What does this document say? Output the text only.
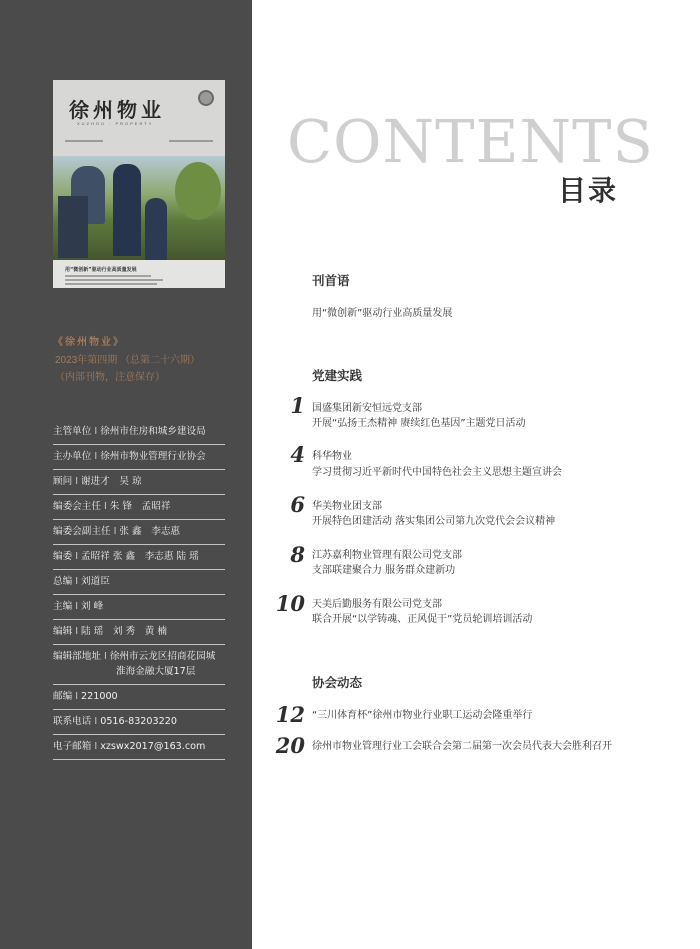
徐州物业
XUZHOU · PROPERTY
用“微创新”驱动行业高质量发展
《徐州物业》
2023年第四期 （总第二十六期）
（内部刊物，注意保存）
主管单位 I 徐州市住房和城乡建设局
主办单位 I 徐州市物业管理行业协会
顾问 I 谢进才　吴 琼
编委会主任 I 朱 锋　孟昭祥
编委会副主任 I 张 鑫　李志惠
编委 I 孟昭祥 张 鑫　李志惠 陆 瑶
总编 I 刘道臣
主编 I 刘 峰
编辑 I 陆 瑶　刘 秀　黄 楠
编辑部地址 I 徐州市云龙区招商花园城
淮海金融大厦17层
邮编 I 221000
联系电话 I 0516-83203220
电子邮箱 I xzswx2017@163.com
CONTENTS
目录
刊首语
用“微创新”驱动行业高质量发展
党建实践
1 国盛集团新安恒远党支部
开展“弘扬王杰精神 赓续红色基因”主题党日活动
4 科华物业
学习贯彻习近平新时代中国特色社会主义思想主题宣讲会
6 华美物业团支部
开展特色团建活动 落实集团公司第九次党代会会议精神
8 江苏嘉利物业管理有限公司党支部
支部联建聚合力 服务群众建新功
10 天美后勤服务有限公司党支部
联合开展“以学铸魂、正风促干”党员轮训培训活动
协会动态
12 “三川体育杯”徐州市物业行业职工运动会隆重举行
20 徐州市物业管理行业工会联合会第二届第一次会员代表大会胜利召开
